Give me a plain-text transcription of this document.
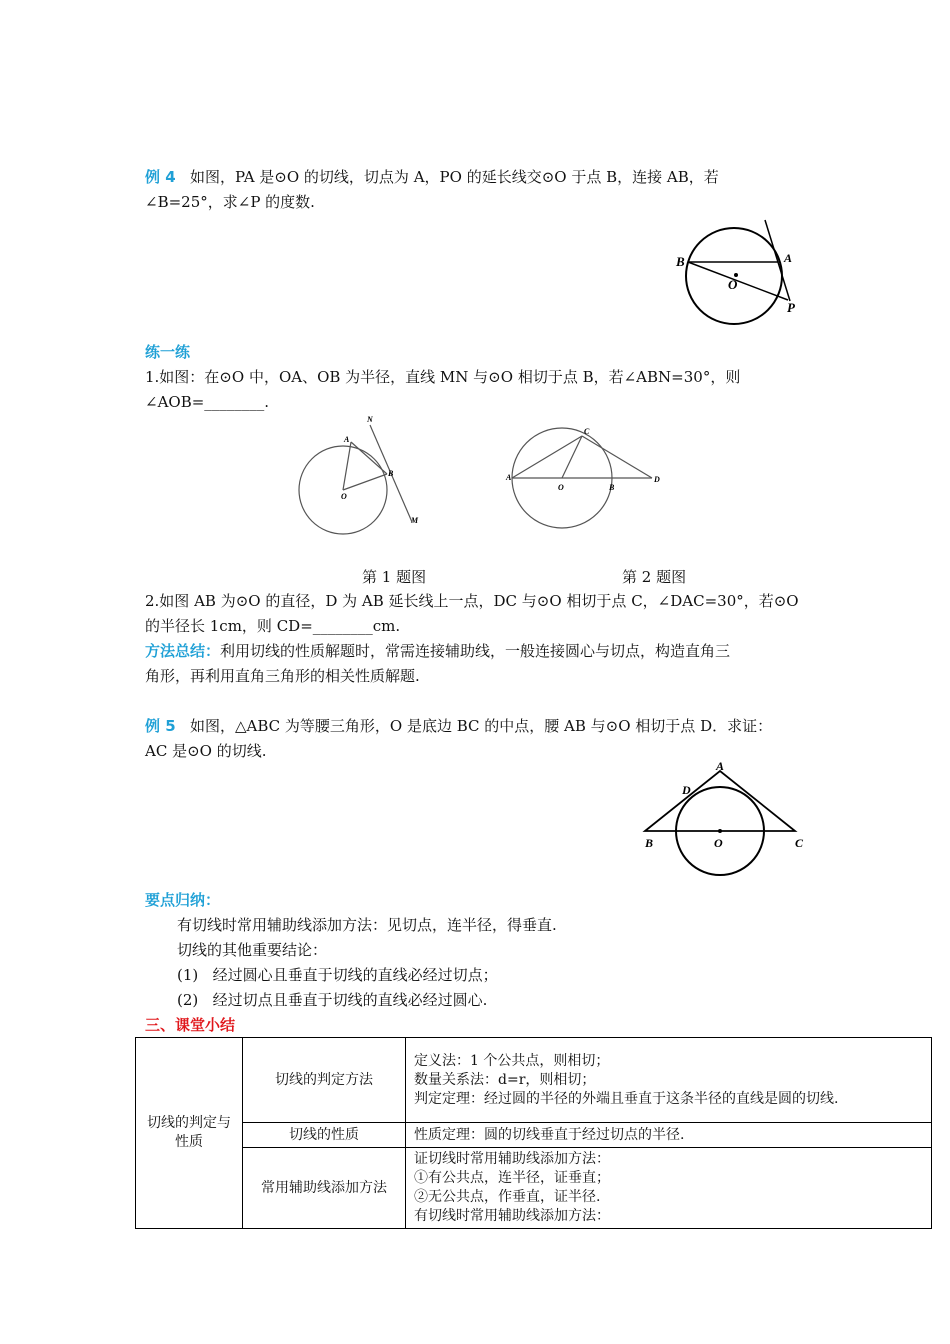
例 4 如图，PA 是⊙O 的切线，切点为 A，PO 的延长线交⊙O 于点 B，连接 AB，若
∠B=25°，求∠P 的度数.
B	A
O
P
练一练
1.如图：在⊙O 中，OA、OB 为半径，直线 MN 与⊙O 相切于点 B，若∠ABN=30°，则
∠AOB=________.
N
A
B
O
M
C
A
O	B
D
第 1 题图	第 2 题图
2.如图 AB 为⊙O 的直径，D 为 AB 延长线上一点，DC 与⊙O 相切于点 C，∠DAC=30°，若⊙O
的半径长 1cm，则 CD=________cm.
方法总结：利用切线的性质解题时，常需连接辅助线，一般连接圆心与切点，构造直角三
角形，再利用直角三角形的相关性质解题.
例 5 如图，△ABC 为等腰三角形，O 是底边 BC 的中点，腰 AB 与⊙O 相切于点 D．求证：
AC 是⊙O 的切线.
A
D
B	O	C
要点归纳：
有切线时常用辅助线添加方法：见切点，连半径，得垂直.
切线的其他重要结论：
(1) 经过圆心且垂直于切线的直线必经过切点；
(2) 经过切点且垂直于切线的直线必经过圆心.
三、课堂小结
切线的判定与性质	切线的判定方法	定义法：1 个公共点，则相切；
数量关系法：d=r，则相切；
判定定理：经过圆的半径的外端且垂直于这条半径的直线是圆的切线.

	切线的性质	性质定理：圆的切线垂直于经过切点的半径.

	常用辅助线添加方法	证切线时常用辅助线添加方法：
①有公共点，连半径，证垂直；
②无公共点，作垂直，证半径.
有切线时常用辅助线添加方法：
